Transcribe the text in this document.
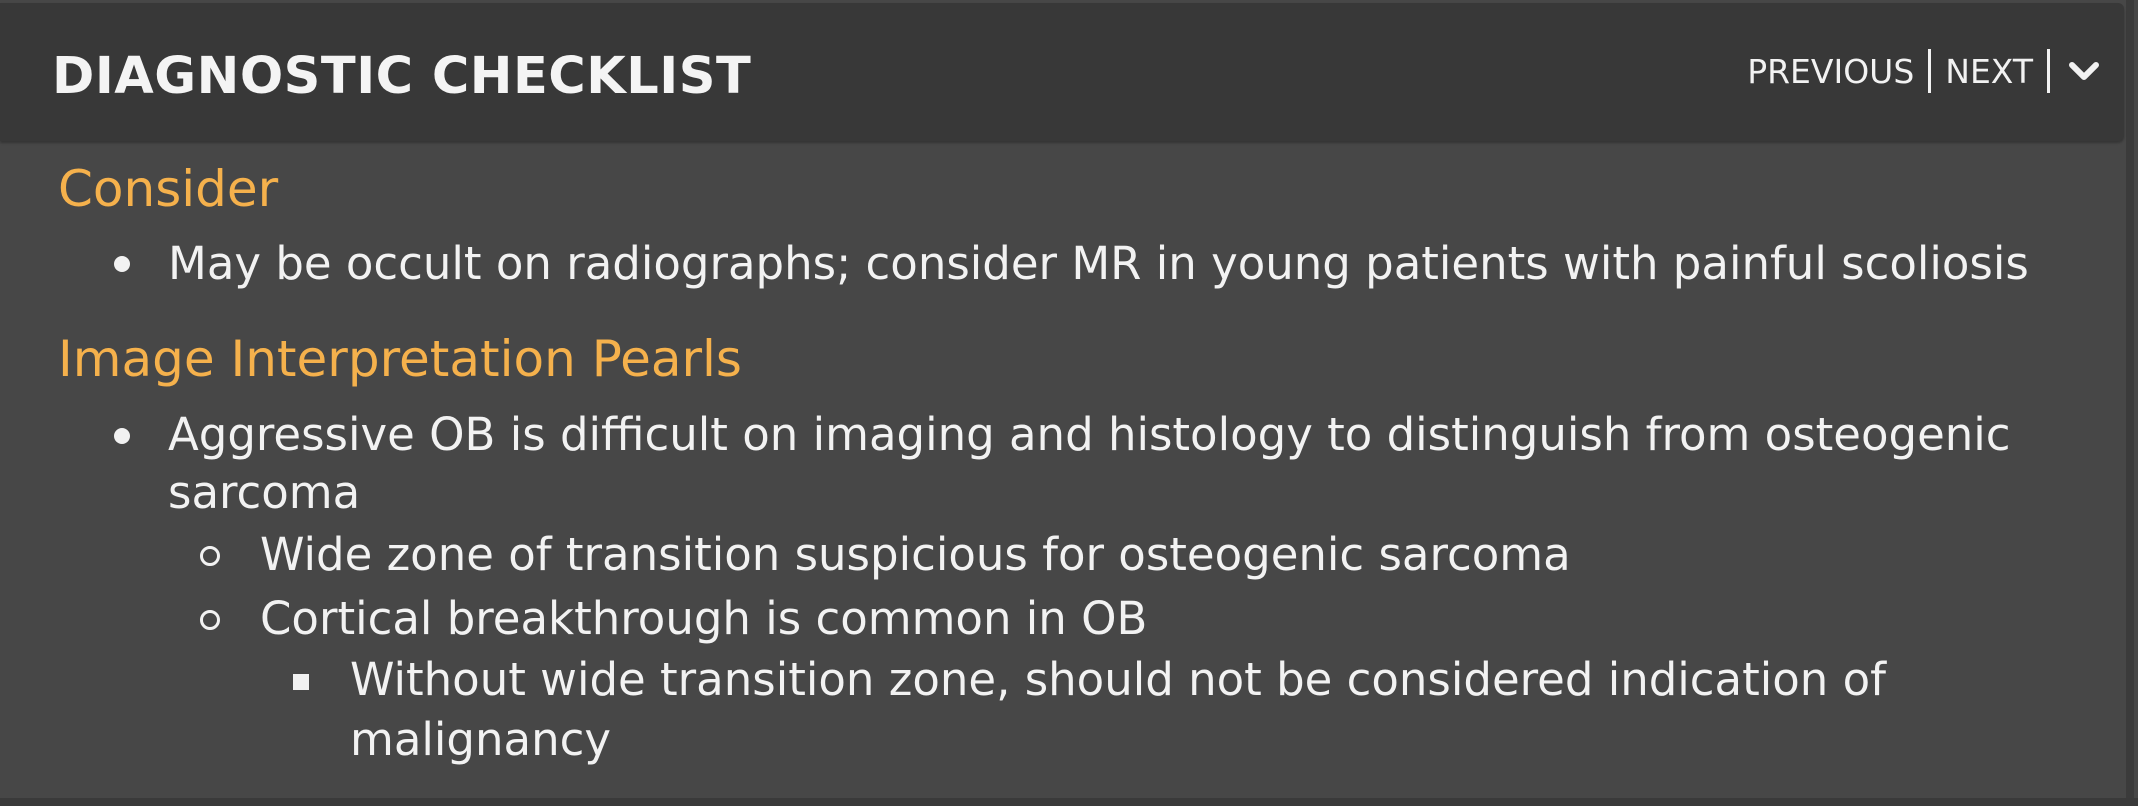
DIAGNOSTIC CHECKLIST	PREVIOUS NEXT
Consider
May be occult on radiographs; consider MR in young patients with painful scoliosis
Image Interpretation Pearls
Aggressive OB is difficult on imaging and histology to distinguish from osteogenic
sarcoma
Wide zone of transition suspicious for osteogenic sarcoma
Cortical breakthrough is common in OB
Without wide transition zone, should not be considered indication of
malignancy
